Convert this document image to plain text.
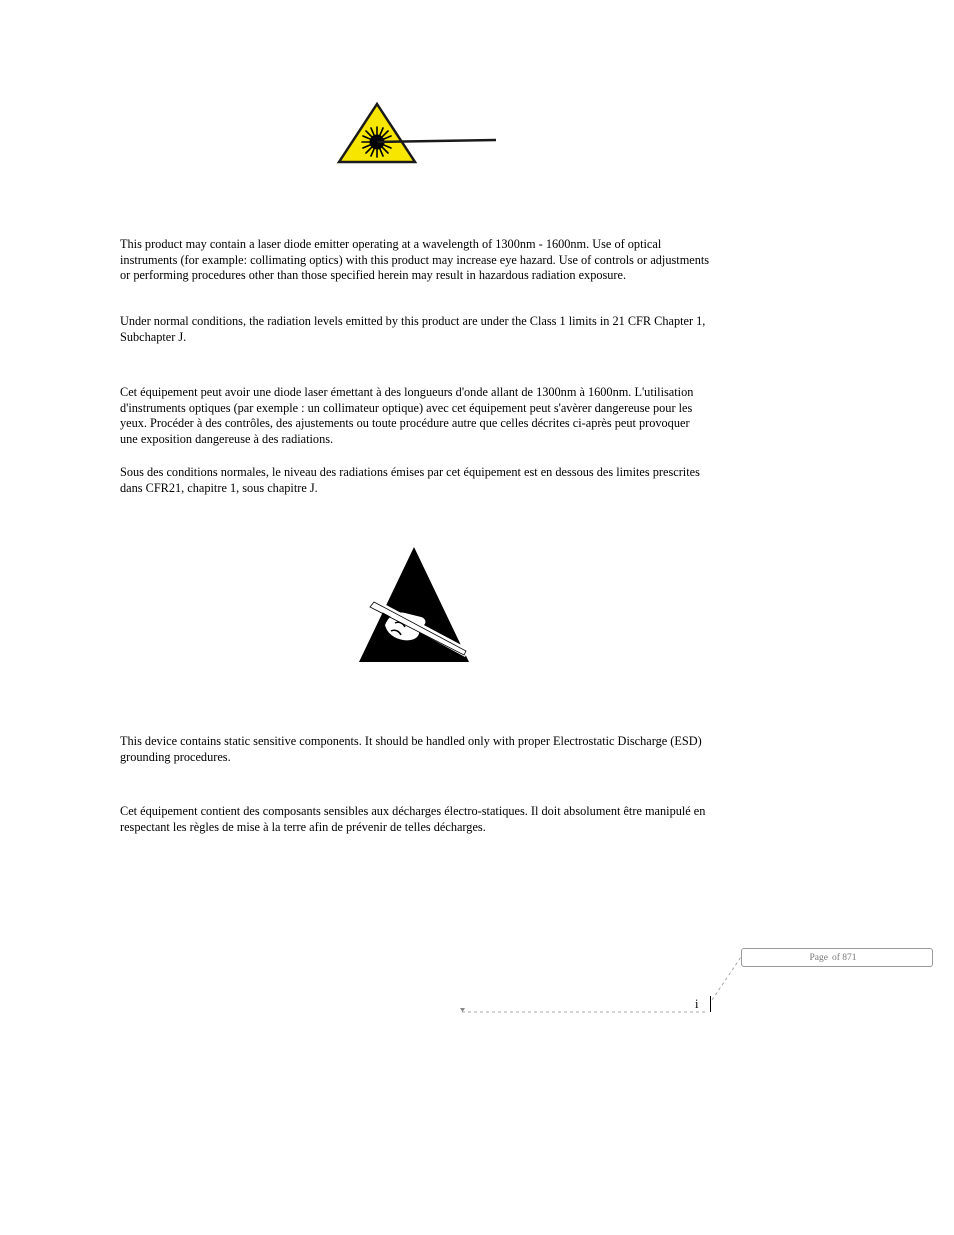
This product may contain a laser diode emitter operating at a wavelength of 1300nm - 1600nm. Use of optical instruments (for example: collimating optics) with this product may increase eye hazard. Use of controls or adjustments or performing procedures other than those specified herein may result in hazardous radiation exposure.

Under normal conditions, the radiation levels emitted by this product are under the Class 1 limits in 21 CFR Chapter 1, Subchapter J.

Cet équipement peut avoir une diode laser émettant à des longueurs d'onde allant de 1300nm à 1600nm. L'utilisation d'instruments optiques (par exemple : un collimateur optique) avec cet équipement peut s'avèrer dangereuse pour les yeux. Procéder à des contrôles, des ajustements ou toute procédure autre que celles décrites ci-après peut provoquer une exposition dangereuse à des radiations.

Sous des conditions normales, le niveau des radiations émises par cet équipement est en dessous des limites prescrites dans CFR21, chapitre 1, sous chapitre J.

This device contains static sensitive components. It should be handled only with proper Electrostatic Discharge (ESD) grounding procedures.

Cet équipement contient des composants sensibles aux décharges électro-statiques. Il doit absolument être manipulé en respectant les règles de mise à la terre afin de prévenir de telles décharges.

Page of 871
i
